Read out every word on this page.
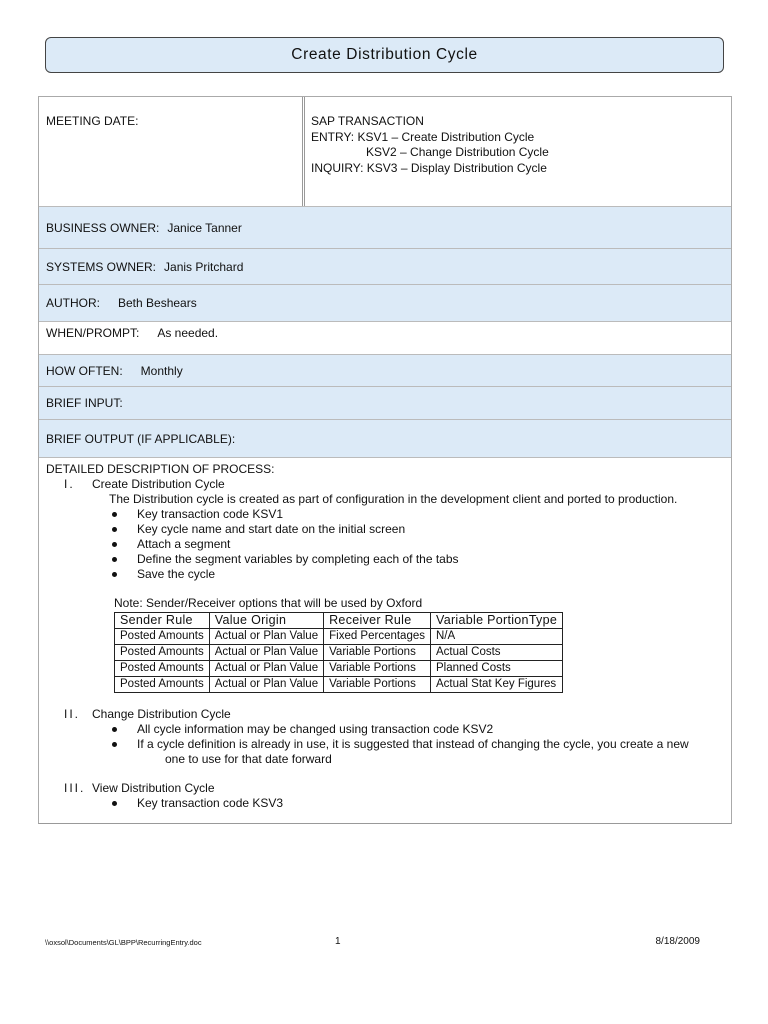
Create Distribution Cycle
MEETING DATE:	SAP TRANSACTION
ENTRY: KSV1 – Create Distribution Cycle
KSV2 – Change Distribution Cycle
INQUIRY: KSV3 – Display Distribution Cycle
BUSINESS OWNER: Janice Tanner
SYSTEMS OWNER: Janis Pritchard
AUTHOR: Beth Beshears
WHEN/PROMPT: As needed.
HOW OFTEN: Monthly
BRIEF INPUT:
BRIEF OUTPUT (IF APPLICABLE):
DETAILED DESCRIPTION OF PROCESS:
I. Create Distribution Cycle
The Distribution cycle is created as part of configuration in the development client and ported to production.
Key transaction code KSV1
Key cycle name and start date on the initial screen
Attach a segment
Define the segment variables by completing each of the tabs
Save the cycle
Note: Sender/Receiver options that will be used by Oxford
Sender Rule	Value Origin	Receiver Rule	Variable PortionType
Posted Amounts	Actual or Plan Value	Fixed Percentages	N/A
Posted Amounts	Actual or Plan Value	Variable Portions	Actual Costs
Posted Amounts	Actual or Plan Value	Variable Portions	Planned Costs
Posted Amounts	Actual or Plan Value	Variable Portions	Actual Stat Key Figures
II. Change Distribution Cycle
All cycle information may be changed using transaction code KSV2
If a cycle definition is already in use, it is suggested that instead of changing the cycle, you create a new
one to use for that date forward
III. View Distribution Cycle
Key transaction code KSV3
\\oxsol\Documents\GL\BPP\RecurringEntry.doc	1	8/18/2009
